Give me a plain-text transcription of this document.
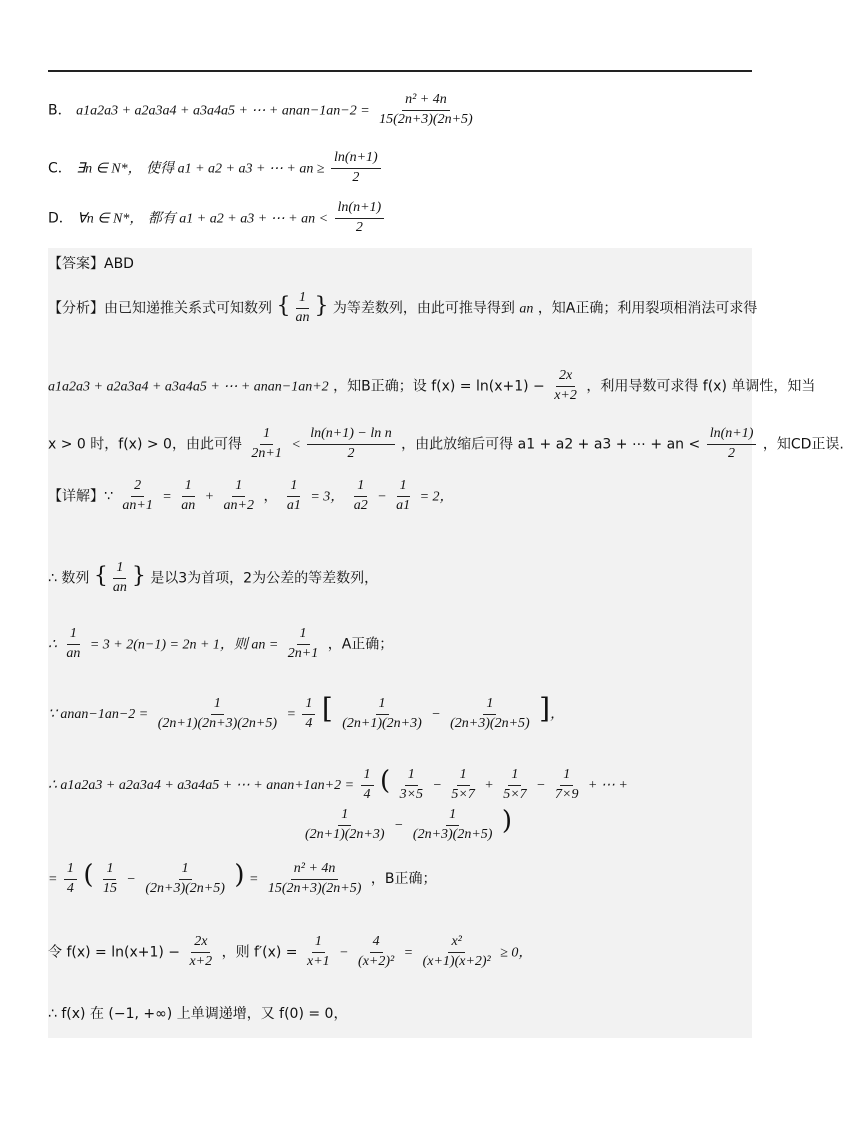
B． a1a2a3 + a2a3a4 + a3a4a5 + ⋯ + anan−1an−2 = $\frac{\text{n² + 4n}}{15(2n+3)(2n+5)}$
C． ∃n ∈ N*， 使得 a1 + a2 + a3 + ⋯ + an ≥ $\frac{\ln(n+1)}{2}$
D． ∀n ∈ N*， 都有 a1 + a2 + a3 + ⋯ + an < $\frac{\ln(n+1)}{2}$
【答案】ABD
【分析】由已知递推关系式可知数列 { $\frac{1}{an}$ } 为等差数列，由此可推导得到 an ，知A正确；利用裂项相消法可求得
a1a2a3 + a2a3a4 + a3a4a5 + ⋯ + anan−1an+2 ，知B正确；设 $f(x) = \ln(x+1) - \frac{2x}{x+2}$ ，利用导数可求得 f(x) 单调性，知当
x > 0 时，f(x) > 0，由此可得 $\frac{1}{2n+1} < \frac{\text{ln(n+1) − ln n}}{2}$ ，由此放缩后可得 a1 + a2 + a3 + ⋯ + an < $\frac{\ln(n+1)}{2}$ ，知CD正误.
【详解】∵ $\frac{2}{an+1} = \frac{1}{an} + \frac{1}{an+2}$ ， $\frac{1}{a1} = 3$， $\frac{1}{a2} - \frac{1}{a1} = 2$，
∴ 数列 { $\frac{1}{an}$ } 是以3为首项，2为公差的等差数列，
∴ $\frac{1}{an} = 3 + 2(n-1) = 2n + 1$，则 an = $\frac{1}{2n+1}$ ，A正确；
∵ anan−1an−2 = $\frac{1}{(2n+1)(2n+3)(2n+5)} = \frac{1}{4}$ [ $\frac{1}{(2n+1)(2n+3)} - \frac{1}{(2n+3)(2n+5)}$ ]，
∴ a1a2a3 + a2a3a4 + a3a4a5 + ⋯ + anan+1an+2 = $\frac{1}{4}$ ( $\frac{1}{3\times 5} - \frac{1}{5\times 7} + \frac{1}{5\times 7} - \frac{1}{7\times 9}$ + ⋯ +
$\frac{1}{(2n+1)(2n+3)} - \frac{1}{(2n+3)(2n+5)}$ )
= $\frac{1}{4}$ ( $\frac{1}{15} - \frac{1}{(2n+3)(2n+5)}$ ) = $\frac{\text{n² + 4n}}{15(2n+3)(2n+5)}$ ，B正确；
令 $f(x) = \ln(x+1) - \frac{2x}{x+2}$ ，则 $f'(x) = \frac{1}{x+1} - \frac{4}{\text{(x+2)²}} = \frac{\text{x²}}{\text{(x+1)(x+2)²}} \ge 0$，
∴ f(x) 在 (−1, +∞) 上单调递增，又 f(0) = 0，
